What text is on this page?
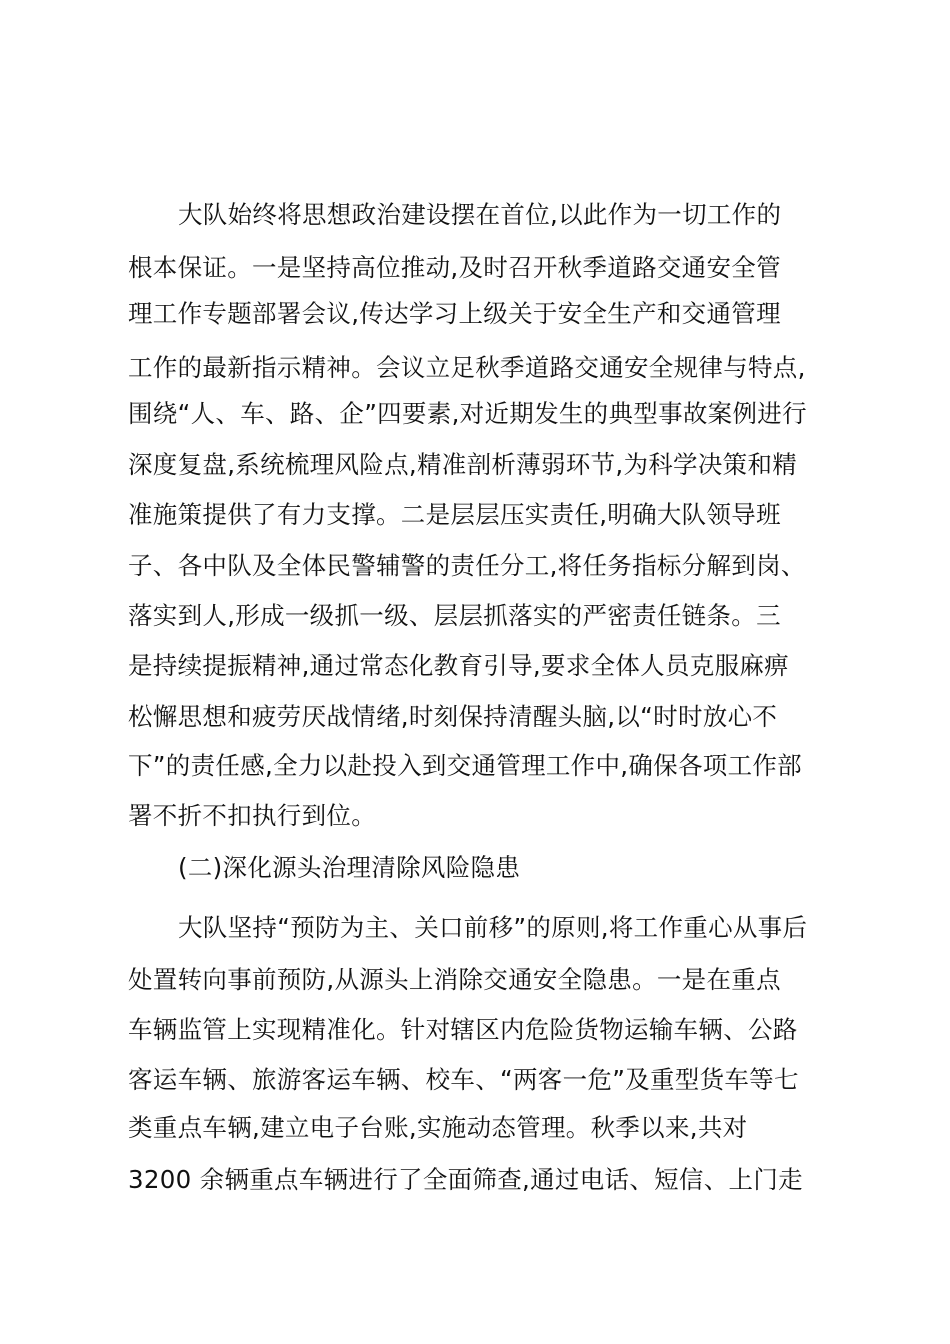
大队始终将思想政治建设摆在首位,以此作为一切工作的
根本保证。一是坚持高位推动,及时召开秋季道路交通安全管
理工作专题部署会议,传达学习上级关于安全生产和交通管理
工作的最新指示精神。会议立足秋季道路交通安全规律与特点,
围绕“人、车、路、企”四要素,对近期发生的典型事故案例进行
深度复盘,系统梳理风险点,精准剖析薄弱环节,为科学决策和精
准施策提供了有力支撑。二是层层压实责任,明确大队领导班
子、各中队及全体民警辅警的责任分工,将任务指标分解到岗、
落实到人,形成一级抓一级、层层抓落实的严密责任链条。三
是持续提振精神,通过常态化教育引导,要求全体人员克服麻痹
松懈思想和疲劳厌战情绪,时刻保持清醒头脑,以“时时放心不
下”的责任感,全力以赴投入到交通管理工作中,确保各项工作部
署不折不扣执行到位。
(二)深化源头治理清除风险隐患
大队坚持“预防为主、关口前移”的原则,将工作重心从事后
处置转向事前预防,从源头上消除交通安全隐患。一是在重点
车辆监管上实现精准化。针对辖区内危险货物运输车辆、公路
客运车辆、旅游客运车辆、校车、“两客一危”及重型货车等七
类重点车辆,建立电子台账,实施动态管理。秋季以来,共对
3200 余辆重点车辆进行了全面筛查,通过电话、短信、上门走
